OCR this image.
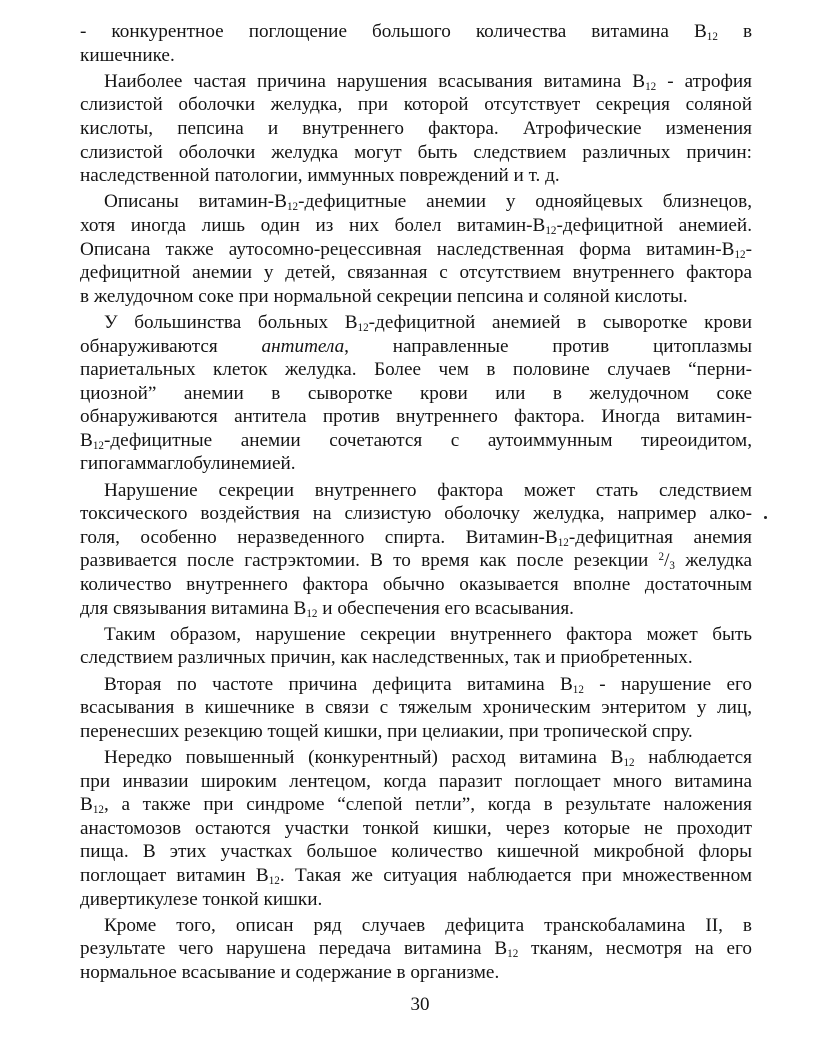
- конкурентное поглощение большого количества витамина $В_{12}$ в
кишечнике.
Наиболее частая причина нарушения всасывания витамина $В_{12}$ - атрофия
слизистой оболочки желудка, при которой отсутствует секреция соляной
кислоты, пепсина и внутреннего фактора. Атрофические изменения
слизистой оболочки желудка могут быть следствием различных причин:
наследственной патологии, иммунных повреждений и т. д.
Описаны витамин-$В_{12}$-дефицитные анемии у однояйцевых близнецов,
хотя иногда лишь один из них болел витамин-$В_{12}$-дефицитной анемией.
Описана также аутосомно-рецессивная наследственная форма витамин-$В_{12}-$
дефицитной анемии у детей, связанная с отсутствием внутреннего фактора
в желудочном соке при нормальной секреции пепсина и соляной кислоты.
У большинства больных $В_{12}$-дефицитной анемией в сыворотке крови
обнаруживаются антитела, направленные против цитоплазмы
париетальных клеток желудка. Более чем в половине случаев “перни-
циозной” анемии в сыворотке крови или в желудочном соке
обнаруживаются антитела против внутреннего фактора. Иногда витамин-
$В_{12}$-дефицитные анемии сочетаются с аутоиммунным тиреоидитом,
гипогаммаглобулинемией.
Нарушение секреции внутреннего фактора может стать следствием
токсического воздействия на слизистую оболочку желудка, например алко-
голя, особенно неразведенного спирта. Витамин-$В_{12}$-дефицитная анемия
развивается после гастрэктомии. В то время как после резекции $^2/_3$ желудка
количество внутреннего фактора обычно оказывается вполне достаточным
для связывания витамина $В_{12}$ и обеспечения его всасывания.
Таким образом, нарушение секреции внутреннего фактора может быть
следствием различных причин, как наследственных, так и приобретенных.
Вторая по частоте причина дефицита витамина $В_{12}$ - нарушение его
всасывания в кишечнике в связи с тяжелым хроническим энтеритом у лиц,
перенесших резекцию тощей кишки, при целиакии, при тропической спру.
Нередко повышенный (конкурентный) расход витамина $В_{12}$ наблюдается
при инвазии широким лентецом, когда паразит поглощает много витамина
$В_{12}$, а также при синдроме “слепой петли”, когда в результате наложения
анастомозов остаются участки тонкой кишки, через которые не проходит
пища. В этих участках большое количество кишечной микробной флоры
поглощает витамин $В_{12}$. Такая же ситуация наблюдается при множественном
дивертикулезе тонкой кишки.
Кроме того, описан ряд случаев дефицита транскобаламина II, в
результате чего нарушена передача витамина $В_{12}$ тканям, несмотря на его
нормальное всасывание и содержание в организме.
30
